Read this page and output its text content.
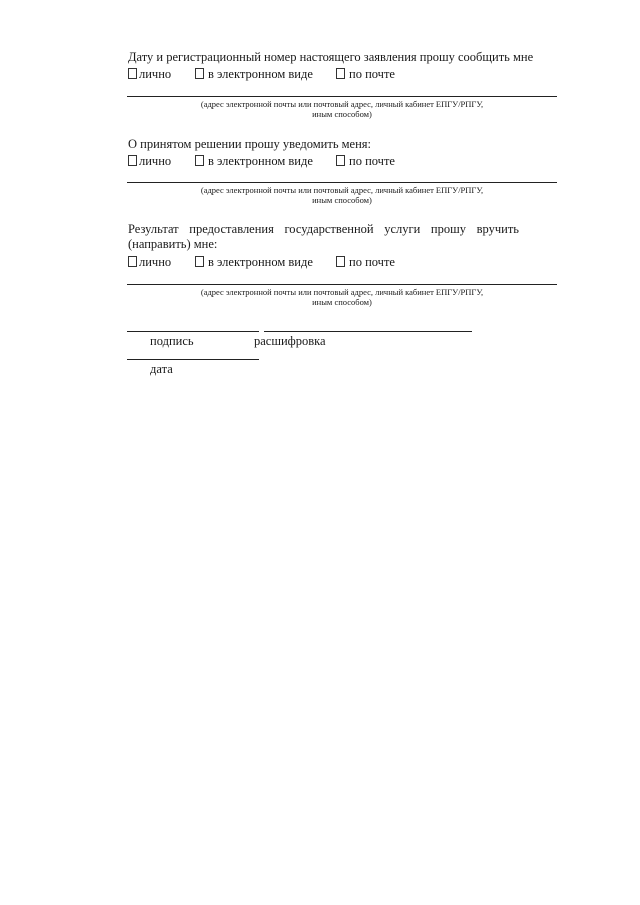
Дату и регистрационный номер настоящего заявления прошу сообщить мне
лично	в электронном виде	по почте
(адрес электронной почты или почтовый адрес, личный кабинет ЕПГУ/РПГУ,
иным способом)
О принятом решении прошу уведомить меня:
лично	в электронном виде	по почте
(адрес электронной почты или почтовый адрес, личный кабинет ЕПГУ/РПГУ,
иным способом)
Результат предоставления государственной услуги прошу вручить
(направить) мне:
лично	в электронном виде	по почте
(адрес электронной почты или почтовый адрес, личный кабинет ЕПГУ/РПГУ,
иным способом)
подпись	расшифровка
дата
